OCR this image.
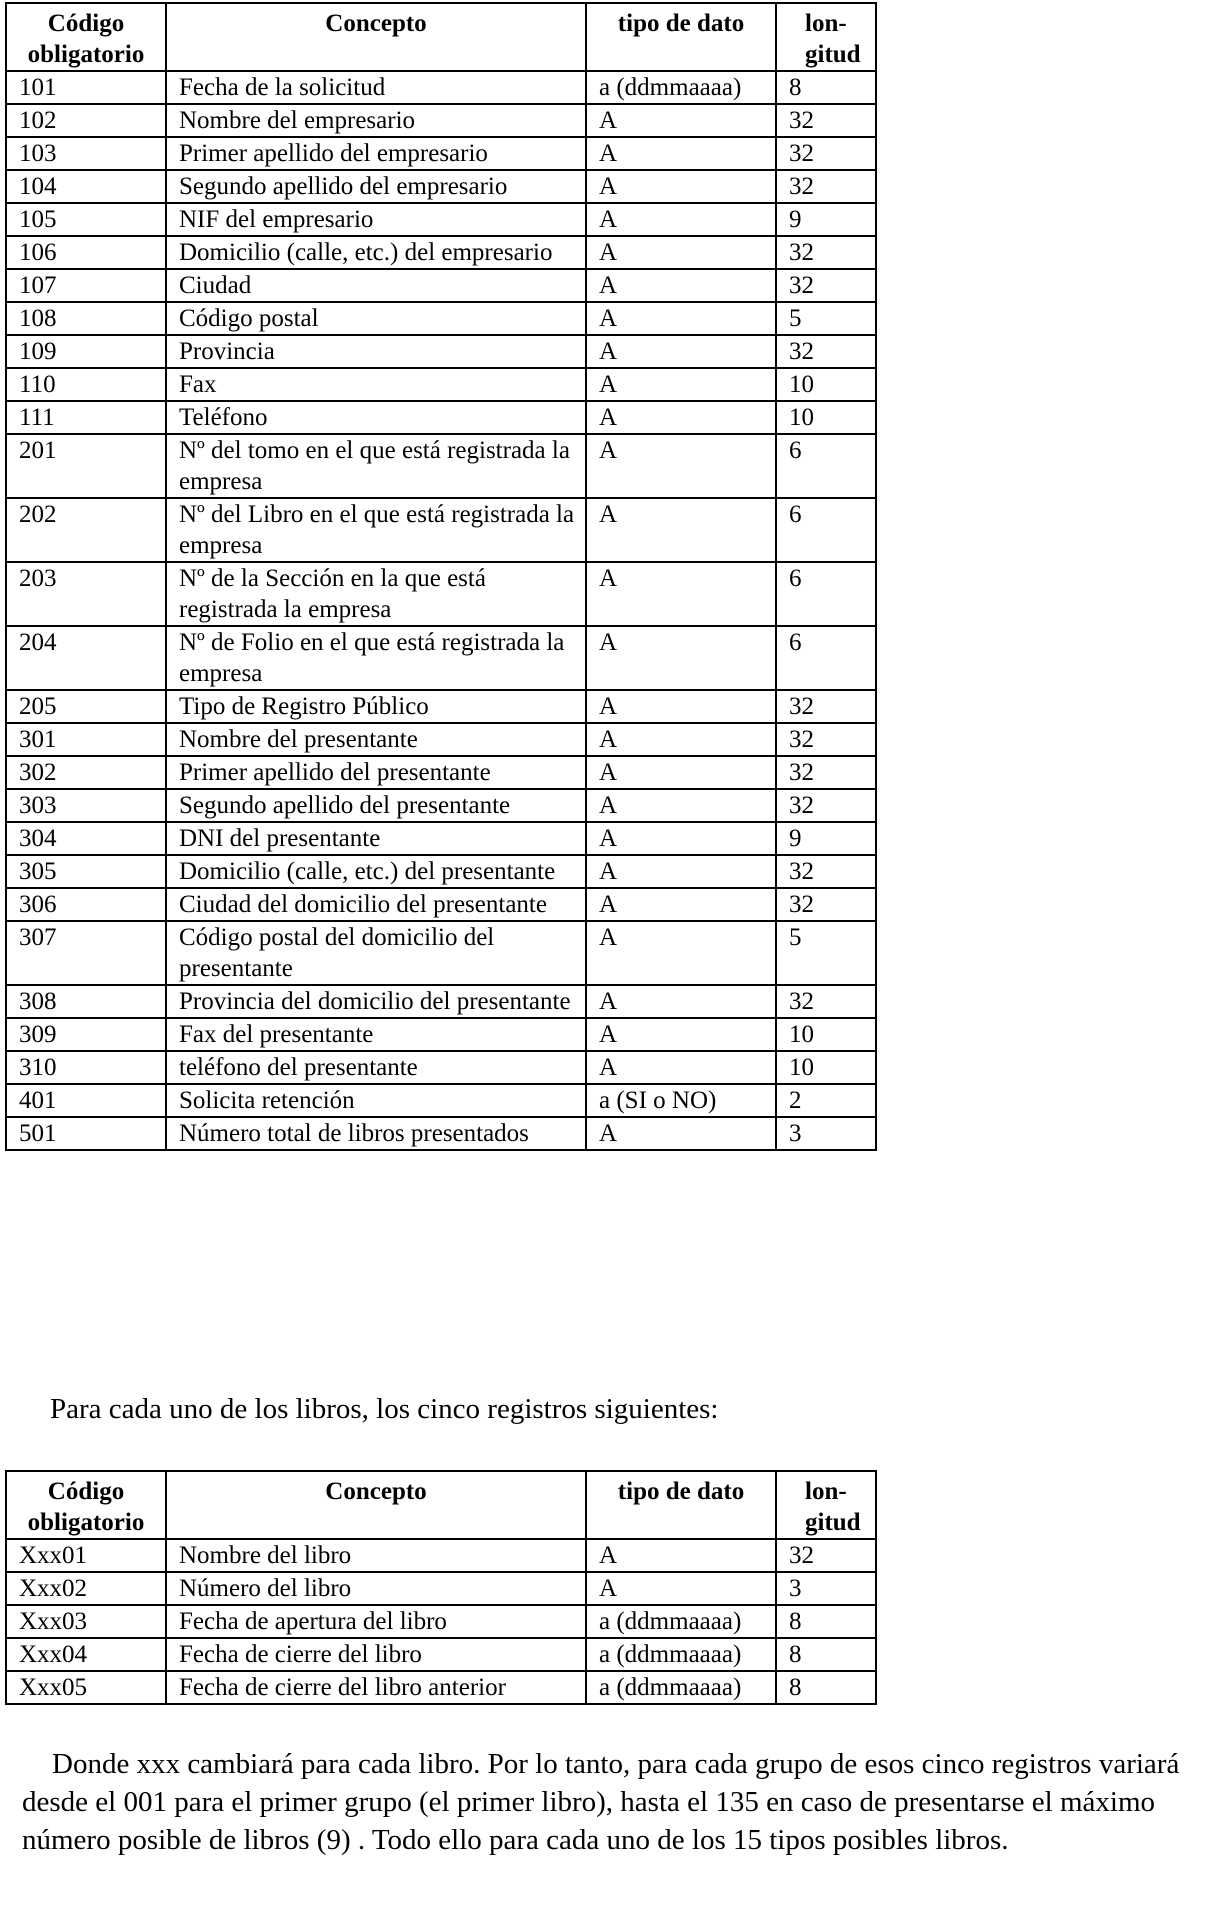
Código obligatorio	Concepto	tipo de dato	lon- gitud
101	Fecha de la solicitud	a (ddmmaaaa)	8
102	Nombre del empresario	A	32
103	Primer apellido del empresario	A	32
104	Segundo apellido del empresario	A	32
105	NIF del empresario	A	9
106	Domicilio (calle, etc.) del empresario	A	32
107	Ciudad	A	32
108	Código postal	A	5
109	Provincia	A	32
110	Fax	A	10
111	Teléfono	A	10
201	Nº del tomo en el que está registrada la empresa	A	6
202	Nº del Libro en el que está registrada la empresa	A	6
203	Nº de la Sección en la que está registrada la empresa	A	6
204	Nº de Folio en el que está registrada la empresa	A	6
205	Tipo de Registro Público	A	32
301	Nombre del presentante	A	32
302	Primer apellido del presentante	A	32
303	Segundo apellido del presentante	A	32
304	DNI del presentante	A	9
305	Domicilio (calle, etc.) del presentante	A	32
306	Ciudad del domicilio del presentante	A	32
307	Código postal del domicilio del presentante	A	5
308	Provincia del domicilio del presentante	A	32
309	Fax del presentante	A	10
310	teléfono del presentante	A	10
401	Solicita retención	a (SI o NO)	2
501	Número total de libros presentados	A	3

Para cada uno de los libros, los cinco registros siguientes:

Código obligatorio	Concepto	tipo de dato	lon- gitud
Xxx01	Nombre del libro	A	32
Xxx02	Número del libro	A	3
Xxx03	Fecha de apertura del libro	a (ddmmaaaa)	8
Xxx04	Fecha de cierre del libro	a (ddmmaaaa)	8
Xxx05	Fecha de cierre del libro anterior	a (ddmmaaaa)	8

Donde xxx cambiará para cada libro. Por lo tanto, para cada grupo de esos cinco registros variará desde el 001 para el primer grupo (el primer libro), hasta el 135 en caso de presentarse el máximo número posible de libros (9) . Todo ello para cada uno de los 15 tipos posibles libros.
